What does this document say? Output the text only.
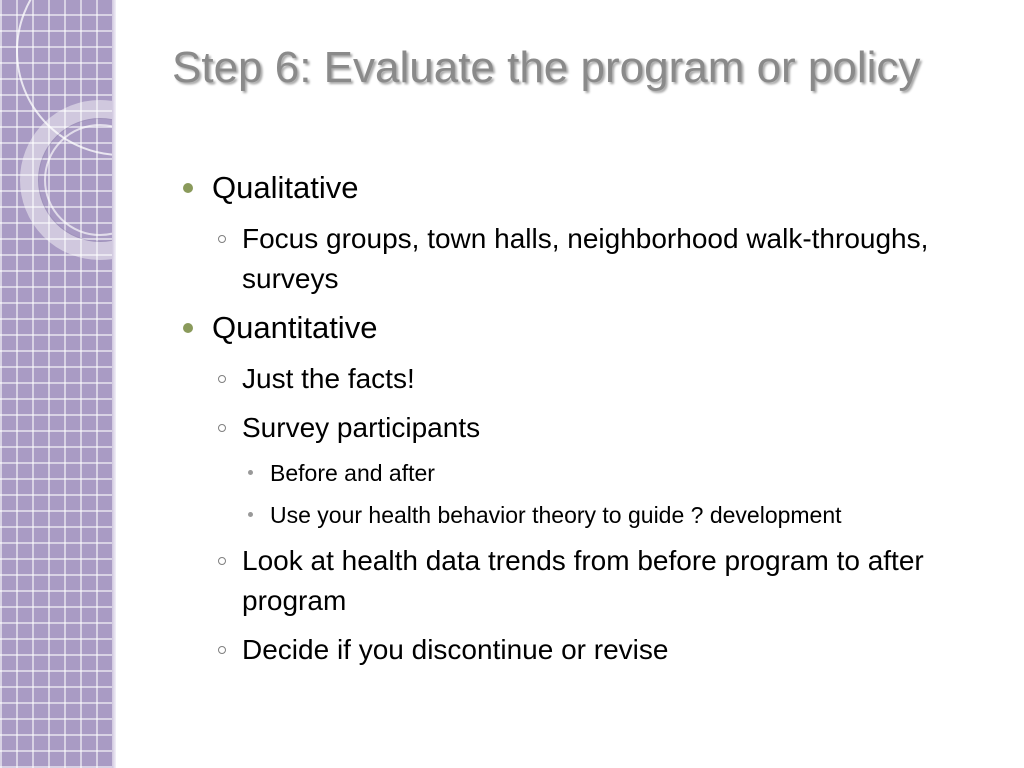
Step 6: Evaluate the program or policy
Qualitative
Focus groups, town halls, neighborhood walk-throughs, surveys
Quantitative
Just the facts!
Survey participants
Before and after
Use your health behavior theory to guide ? development
Look at health data trends from before program to after program
Decide if you discontinue or revise
